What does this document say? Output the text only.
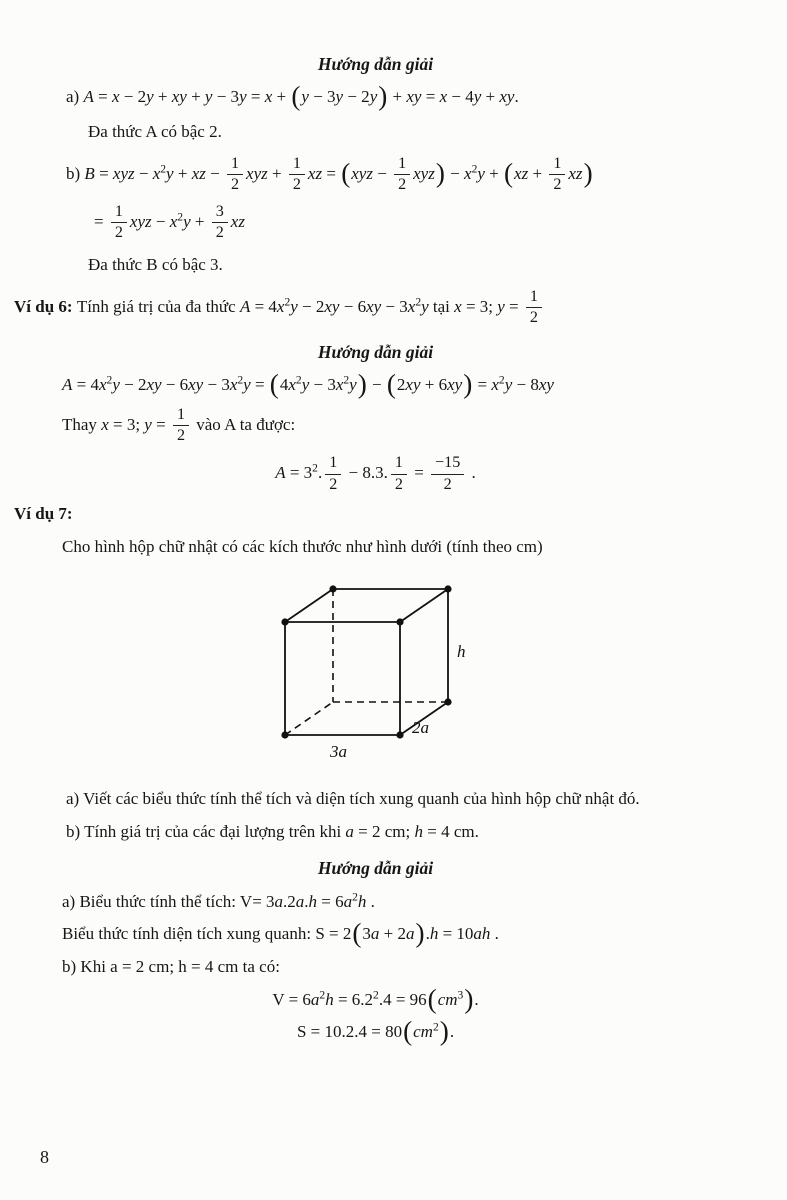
Hướng dẫn giải
a) A = x − 2y + xy + y − 3y = x + (y − 3y − 2y) + xy = x − 4y + xy.
Đa thức A có bậc 2.
b) B = xyz − $x^2y$ + xz − $\frac{1}{2}$ xyz + $\frac{1}{2}$ xz = $(xyz - \frac{1}{2} xyz) - x^2y + (xz + \frac{1}{2} xz)$
= $\frac{1}{2}$ xyz − $x^2y + \frac{3}{2}$ xz
Đa thức B có bậc 3.
Ví dụ 6: Tính giá trị của đa thức $A = 4x^2y - 2xy - 6xy - 3x^2y$ tại x = 3; $y = \frac{1}{2}$
Hướng dẫn giải
$A = 4x^2y - 2xy - 6xy - 3x^2y = (4x^2y - 3x^2y) - (2xy + 6xy) = x^2y - 8xy$
Thay x = 3; $y = \frac{1}{2}$ vào A ta được:
$A = 3^2$. $\frac{1}{2} - 8.3$. $\frac{1}{2} = \frac{-15}{2}$ .
Ví dụ 7:
Cho hình hộp chữ nhật có các kích thước như hình dưới (tính theo cm)
h
2a
3a
a) Viết các biểu thức tính thể tích và diện tích xung quanh của hình hộp chữ nhật đó.
b) Tính giá trị của các đại lượng trên khi a = 2 cm; h = 4 cm.
Hướng dẫn giải
a) Biểu thức tính thể tích: $V= 3a.2a.h = 6a^2h$ .
Biểu thức tính diện tích xung quanh: S = 2(3a + 2a).h = 10ah .
b) Khi a = 2 cm; h = 4 cm ta có:
$V = 6a^2h = 6.2^2.4 = 96(cm^3)$.
$S = 10.2.4 = 80(cm^2)$.
8
